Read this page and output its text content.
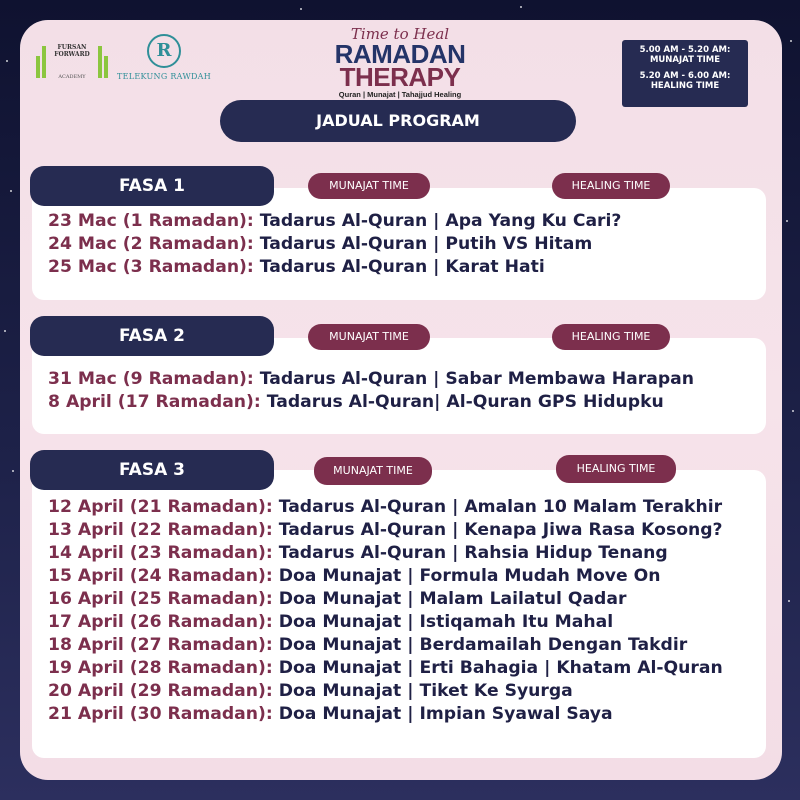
FURSAN FORWARD
ACADEMY
R
TELEKUNG RAWDAH
Time to Heal
RAMADAN
THERAPY
Quran | Munajat | Tahajjud Healing
5.00 AM - 5.20 AM:
MUNAJAT TIME
5.20 AM - 6.00 AM:
HEALING TIME
JADUAL PROGRAM
23 Mac (1 Ramadan): Tadarus Al-Quran | Apa Yang Ku Cari?
24 Mac (2 Ramadan): Tadarus Al-Quran | Putih VS Hitam
25 Mac (3 Ramadan): Tadarus Al-Quran | Karat Hati
FASA 1	MUNAJAT TIME	HEALING TIME
31 Mac (9 Ramadan): Tadarus Al-Quran | Sabar Membawa Harapan
8 April (17 Ramadan): Tadarus Al-Quran| Al-Quran GPS Hidupku
FASA 2	MUNAJAT TIME	HEALING TIME
12 April (21 Ramadan): Tadarus Al-Quran | Amalan 10 Malam Terakhir
13 April (22 Ramadan): Tadarus Al-Quran | Kenapa Jiwa Rasa Kosong?
14 April (23 Ramadan): Tadarus Al-Quran | Rahsia Hidup Tenang
15 April (24 Ramadan): Doa Munajat | Formula Mudah Move On
16 April (25 Ramadan): Doa Munajat | Malam Lailatul Qadar
17 April (26 Ramadan): Doa Munajat | Istiqamah Itu Mahal
18 April (27 Ramadan): Doa Munajat | Berdamailah Dengan Takdir
19 April (28 Ramadan): Doa Munajat | Erti Bahagia | Khatam Al-Quran
20 April (29 Ramadan): Doa Munajat | Tiket Ke Syurga
21 April (30 Ramadan): Doa Munajat | Impian Syawal Saya
FASA 3	MUNAJAT TIME	HEALING TIME
